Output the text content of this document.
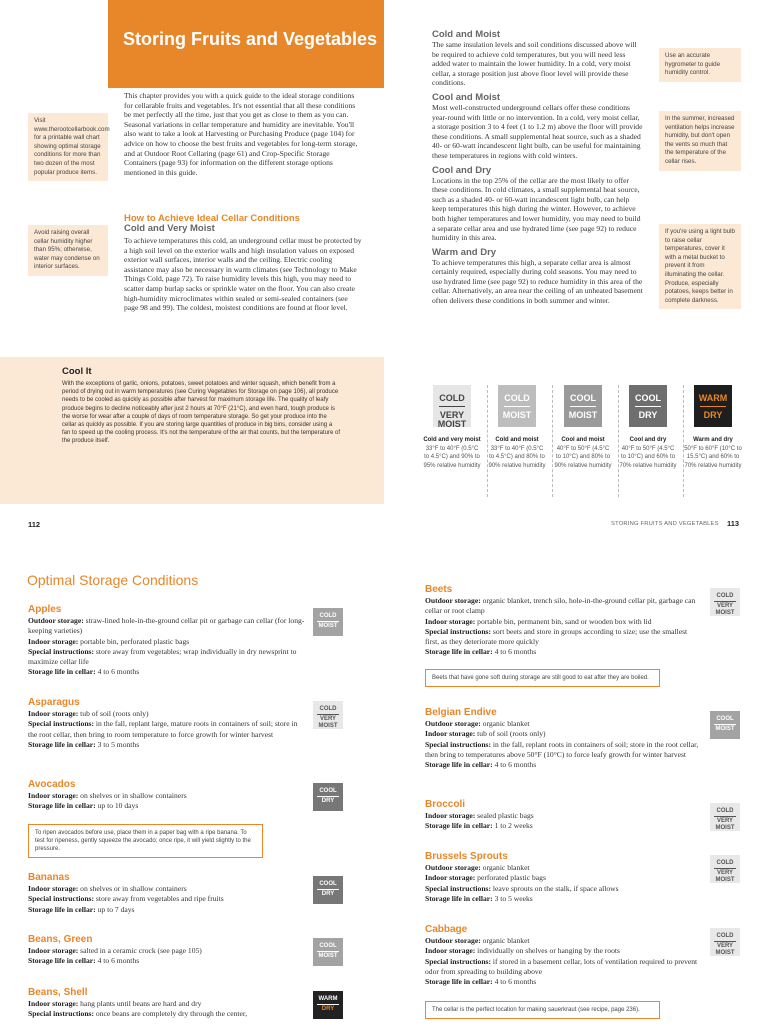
Storing Fruits and Vegetables
Visit www.therootcellarbook.com for a printable wall chart showing optimal storage conditions for more than two dozen of the most popular produce items.
Avoid raising overall cellar humidity higher than 95%; otherwise, water may condense on interior surfaces.
This chapter provides you with a quick guide to the ideal storage conditions for cellarable fruits and vegetables. It's not essential that all these conditions be met perfectly all the time, just that you get as close to them as you can. Seasonal variations in cellar temperature and humidity are inevitable. You'll also want to take a look at Harvesting or Purchasing Produce (page 104) for advice on how to choose the best fruits and vegetables for long-term storage, and at Outdoor Root Cellaring (page 61) and Crop-Specific Storage Containers (page 93) for information on the different storage options mentioned in this guide.
How to Achieve Ideal Cellar Conditions
Cold and Very Moist
To achieve temperatures this cold, an underground cellar must be protected by a high soil level on the exterior walls and high insulation values on exposed exterior wall surfaces, interior walls and the ceiling. Electric cooling assistance may also be necessary in warm climates (see Technology to Make Things Cold, page 72). To raise humidity levels this high, you may need to scatter damp burlap sacks or sprinkle water on the floor. You can also create high-humidity microclimates within sealed or semi-sealed containers (see page 98 and 99). The coldest, moistest conditions are found at floor level.
Cool It
With the exceptions of garlic, onions, potatoes, sweet potatoes and winter squash, which benefit from a period of drying out in warm temperatures (see Curing Vegetables for Storage on page 106), all produce needs to be cooled as quickly as possible after harvest for maximum storage life. The quality of leafy produce begins to decline noticeably after just 2 hours at 70°F (21°C), and even hard, tough produce is the worse for wear after a couple of days of room temperature storage. So get your produce into the cellar as quickly as possible. If you are storing large quantities of produce in big bins, consider using a fan to speed up the cooling process. It's not the temperature of the air that counts, but the temperature of the produce itself.
112
Cold and Moist
The same insulation levels and soil conditions discussed above will be required to achieve cold temperatures, but you will need less added water to maintain the lower humidity. In a cold, very moist cellar, a storage position just above floor level will provide these conditions.
Cool and Moist
Most well-constructed underground cellars offer these conditions year-round with little or no intervention. In a cold, very moist cellar, a storage position 3 to 4 feet (1 to 1.2 m) above the floor will provide these conditions. A small supplemental heat source, such as a shaded 40- or 60-watt incandescent light bulb, can be useful for maintaining these temperatures in regions with cold winters.
Cool and Dry
Locations in the top 25% of the cellar are the most likely to offer these conditions. In cold climates, a small supplemental heat source, such as a shaded 40- or 60-watt incandescent light bulb, can help keep temperatures this high during the winter. However, to achieve both higher temperatures and lower humidity, you may need to build a separate cellar area and use hydrated lime (see page 92) to reduce humidity in this area.
Warm and Dry
To achieve temperatures this high, a separate cellar area is almost certainly required, especially during cold seasons. You may need to use hydrated lime (see page 92) to reduce humidity in this area of the cellar. Alternatively, an area near the ceiling of an unheated basement often delivers these conditions in both summer and winter.
Use an accurate hygrometer to guide humidity control.
In the summer, increased ventilation helps increase humidity, but don't open the vents so much that the temperature of the cellar rises.
If you're using a light bulb to raise cellar temperatures, cover it with a metal bucket to prevent it from illuminating the cellar. Produce, especially potatoes, keeps better in complete darkness.
COLD
VERY MOIST
Cold and very moist
33°F to 40°F (0.5°C to 4.5°C) and 90% to 95% relative humidity
COLD
MOIST
Cold and moist
33°F to 40°F (0.5°C to 4.5°C) and 80% to 90% relative humidity
COOL
MOIST
Cool and moist
40°F to 50°F (4.5°C to 10°C) and 80% to 90% relative humidity
COOL
DRY
Cool and dry
40°F to 50°F (4.5°C to 10°C) and 60% to 70% relative humidity
WARM
DRY
Warm and dry
50°F to 60°F (10°C to 15.5°C) and 60% to 70% relative humidity
STORING FRUITS AND VEGETABLES 113
Optimal Storage Conditions
Apples
Outdoor storage: straw-lined hole-in-the-ground cellar pit or garbage can cellar (for long-keeping varieties)
Indoor storage: portable bin, perforated plastic bags
Special instructions: store away from vegetables; wrap individually in dry newsprint to maximize cellar life
Storage life in cellar: 4 to 6 months
COLD
MOIST
Asparagus
Indoor storage: tub of soil (roots only)
Special instructions: in the fall, replant large, mature roots in containers of soil; store in the root cellar, then bring to room temperature to force growth for winter harvest
Storage life in cellar: 3 to 5 months
COLD
VERY MOIST
Avocados
Indoor storage: on shelves or in shallow containers
Storage life in cellar: up to 10 days
COOL
DRY
To ripen avocados before use, place them in a paper bag with a ripe banana. To test for ripeness, gently squeeze the avocado; once ripe, it will yield slightly to the pressure.
Bananas
Indoor storage: on shelves or in shallow containers
Special instructions: store away from vegetables and ripe fruits
Storage life in cellar: up to 7 days
COOL
DRY
Beans, Green
Indoor storage: salted in a ceramic crock (see page 105)
Storage life in cellar: 4 to 6 months
COOL
MOIST
Beans, Shell
Indoor storage: hang plants until beans are hard and dry
Special instructions: once beans are completely dry through the center,
WARM
DRY
Beets
Outdoor storage: organic blanket, trench silo, hole-in-the-ground cellar pit, garbage can cellar or root clamp
Indoor storage: portable bin, permanent bin, sand or wooden box with lid
Special instructions: sort beets and store in groups according to size; use the smallest first, as they deteriorate more quickly
Storage life in cellar: 4 to 6 months
COLD
VERY MOIST
Beets that have gone soft during storage are still good to eat after they are boiled.
Belgian Endive
Outdoor storage: organic blanket
Indoor storage: tub of soil (roots only)
Special instructions: in the fall, replant roots in containers of soil; store in the root cellar, then bring to temperatures above 50°F (10°C) to force leafy growth for winter harvest
Storage life in cellar: 4 to 6 months
COOL
MOIST
Broccoli
Indoor storage: sealed plastic bags
Storage life in cellar: 1 to 2 weeks
COLD
VERY MOIST
Brussels Sprouts
Outdoor storage: organic blanket
Indoor storage: perforated plastic bags
Special instructions: leave sprouts on the stalk, if space allows
Storage life in cellar: 3 to 5 weeks
COLD
VERY MOIST
Cabbage
Outdoor storage: organic blanket
Indoor storage: individually on shelves or hanging by the roots
Special instructions: if stored in a basement cellar, lots of ventilation required to prevent odor from spreading to building above
Storage life in cellar: 4 to 6 months
COLD
VERY MOIST
The cellar is the perfect location for making sauerkraut (see recipe, page 236).
